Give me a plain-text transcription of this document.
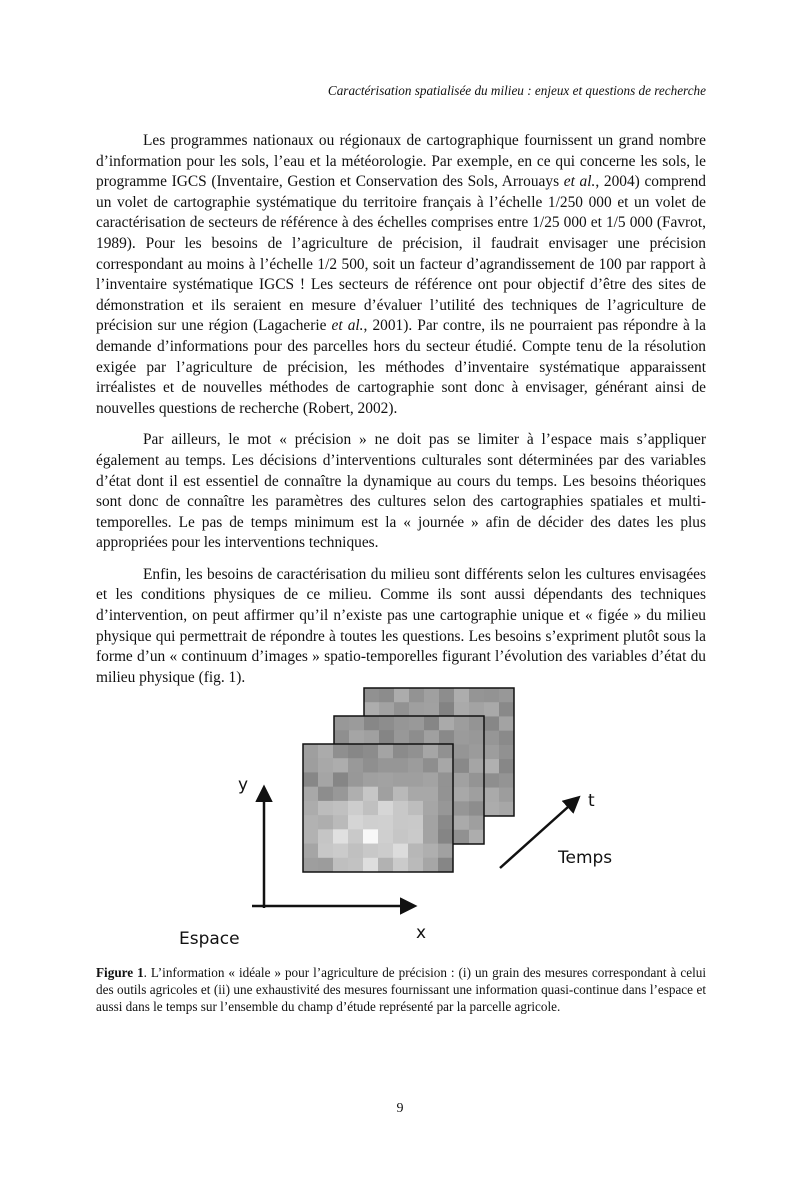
Caractérisation spatialisée du milieu : enjeux et questions de recherche

Les programmes nationaux ou régionaux de cartographique fournissent un grand nombre d’information pour les sols, l’eau et la météorologie. Par exemple, en ce qui concerne les sols, le programme IGCS (Inventaire, Gestion et Conservation des Sols, Arrouays et al., 2004) comprend un volet de cartographie systématique du territoire français à l’échelle 1/250 000 et un volet de caractérisation de secteurs de référence à des échelles comprises entre 1/25 000 et 1/5 000 (Favrot, 1989). Pour les besoins de l’agriculture de précision, il faudrait envisager une précision correspondant au moins à l’échelle 1/2 500, soit un facteur d’agrandissement de 100 par rapport à l’inventaire systématique IGCS ! Les secteurs de référence ont pour objectif d’être des sites de démonstration et ils seraient en mesure d’évaluer l’utilité des techniques de l’agriculture de précision sur une région (Lagacherie et al., 2001). Par contre, ils ne pourraient pas répondre à la demande d’informations pour des parcelles hors du secteur étudié. Compte tenu de la résolution exigée par l’agriculture de précision, les méthodes d’inventaire systématique apparaissent irréalistes et de nouvelles méthodes de cartographie sont donc à envisager, générant ainsi de nouvelles questions de recherche (Robert, 2002).

Par ailleurs, le mot « précision » ne doit pas se limiter à l’espace mais s’appliquer également au temps. Les décisions d’interventions culturales sont déterminées par des variables d’état dont il est essentiel de connaître la dynamique au cours du temps. Les besoins théoriques sont donc de connaître les paramètres des cultures selon des cartographies spatiales et multi-temporelles. Le pas de temps minimum est la « journée » afin de décider des dates les plus appropriées pour les interventions techniques.

Enfin, les besoins de caractérisation du milieu sont différents selon les cultures envisagées et les conditions physiques de ce milieu. Comme ils sont aussi dépendants des techniques d’intervention, on peut affirmer qu’il n’existe pas une cartographie unique et « figée » du milieu physique qui permettrait de répondre à toutes les questions. Les besoins s’expriment plutôt sous la forme d’un « continuum d’images » spatio-temporelles figurant l’évolution des variables d’état du milieu physique (fig. 1).

y
x
t
Temps
Espace
Figure 1. L’information « idéale » pour l’agriculture de précision : (i) un grain des mesures correspondant à celui des outils agricoles et (ii) une exhaustivité des mesures fournissant une information quasi-continue dans l’espace et aussi dans le temps sur l’ensemble du champ d’étude représenté par la parcelle agricole.
9
